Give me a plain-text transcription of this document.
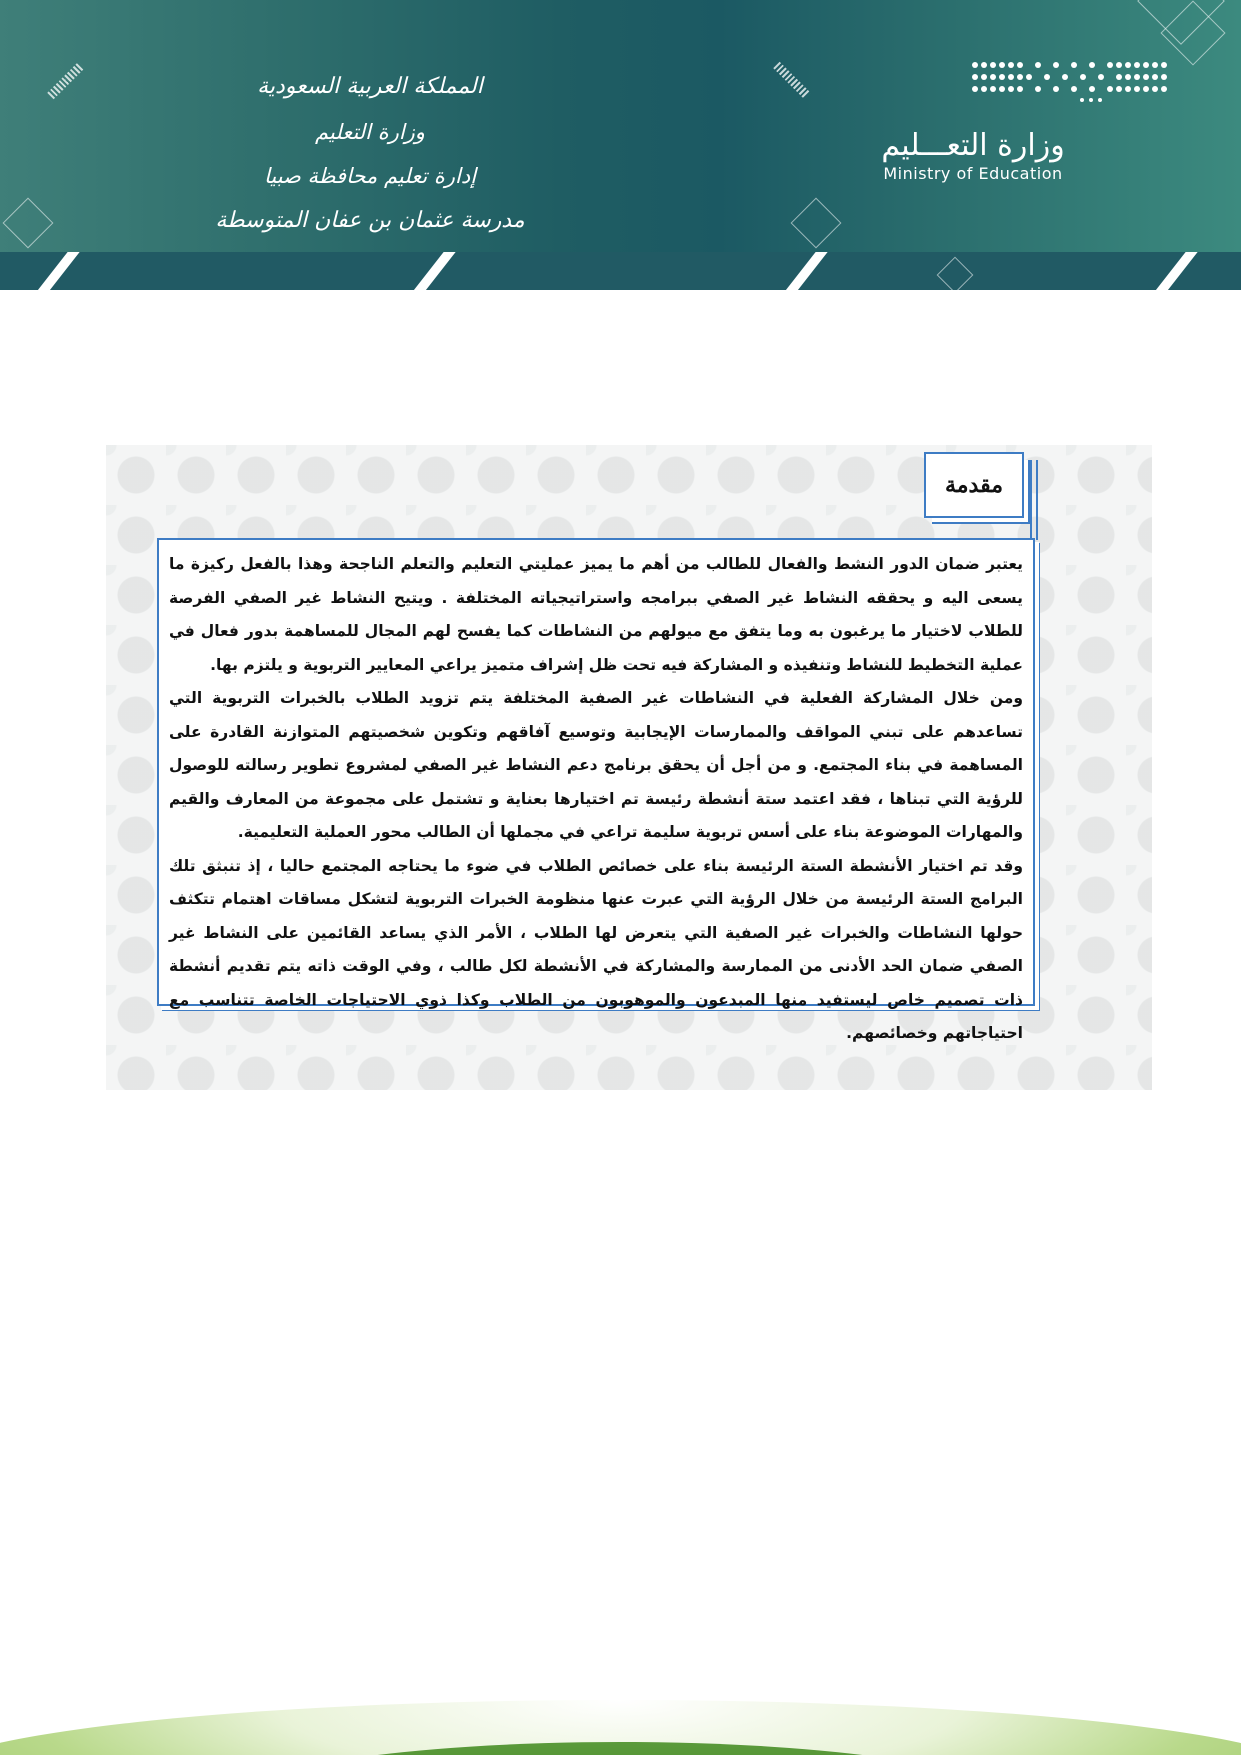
المملكة العربية السعودية
وزارة التعليم
إدارة تعليم محافظة صبيا
مدرسة عثمان بن عفان المتوسطة
وزارة التعـــليم
Ministry of Education
مقدمة

يعتبر ضمان الدور النشط والفعال للطالب من أهم ما يميز عمليتي التعليم والتعلم الناجحة وهذا بالفعل ركيزة ما يسعى اليه و يحققه النشاط غير الصفي ببرامجه واستراتيجياته المختلفة . ويتيح النشاط غير الصفي الفرصة للطلاب لاختيار ما يرغبون به وما يتفق مع ميولهم من النشاطات كما يفسح لهم المجال للمساهمة بدور فعال في عملية التخطيط للنشاط وتنفيذه و المشاركة فيه تحت ظل إشراف متميز يراعي المعايير التربوية و يلتزم بها.

ومن خلال المشاركة الفعلية في النشاطات غير الصفية المختلفة يتم تزويد الطلاب بالخبرات التربوية التي تساعدهم على تبني المواقف والممارسات الإيجابية وتوسيع آفاقهم وتكوين شخصيتهم المتوازنة القادرة على المساهمة في بناء المجتمع. و من أجل أن يحقق برنامج دعم النشاط غير الصفي لمشروع تطوير رسالته للوصول للرؤية التي تبناها ، فقد اعتمد ستة أنشطة رئيسة تم اختيارها بعناية و تشتمل على مجموعة من المعارف والقيم والمهارات الموضوعة بناء على أسس تربوية سليمة تراعي في مجملها أن الطالب محور العملية التعليمية.

وقد تم اختيار الأنشطة الستة الرئيسة بناء على خصائص الطلاب في ضوء ما يحتاجه المجتمع حاليا ، إذ تنبثق تلك البرامج الستة الرئيسة من خلال الرؤية التي عبرت عنها منظومة الخبرات التربوية لتشكل مساقات اهتمام تتكثف حولها النشاطات والخبرات غير الصفية التي يتعرض لها الطلاب ، الأمر الذي يساعد القائمين على النشاط غير الصفي ضمان الحد الأدنى من الممارسة والمشاركة في الأنشطة لكل طالب ، وفي الوقت ذاته يتم تقديم أنشطة ذات تصميم خاص ليستفيد منها المبدعون والموهوبون من الطلاب وكذا ذوي الاحتياجات الخاصة تتناسب مع احتياجاتهم وخصائصهم.
